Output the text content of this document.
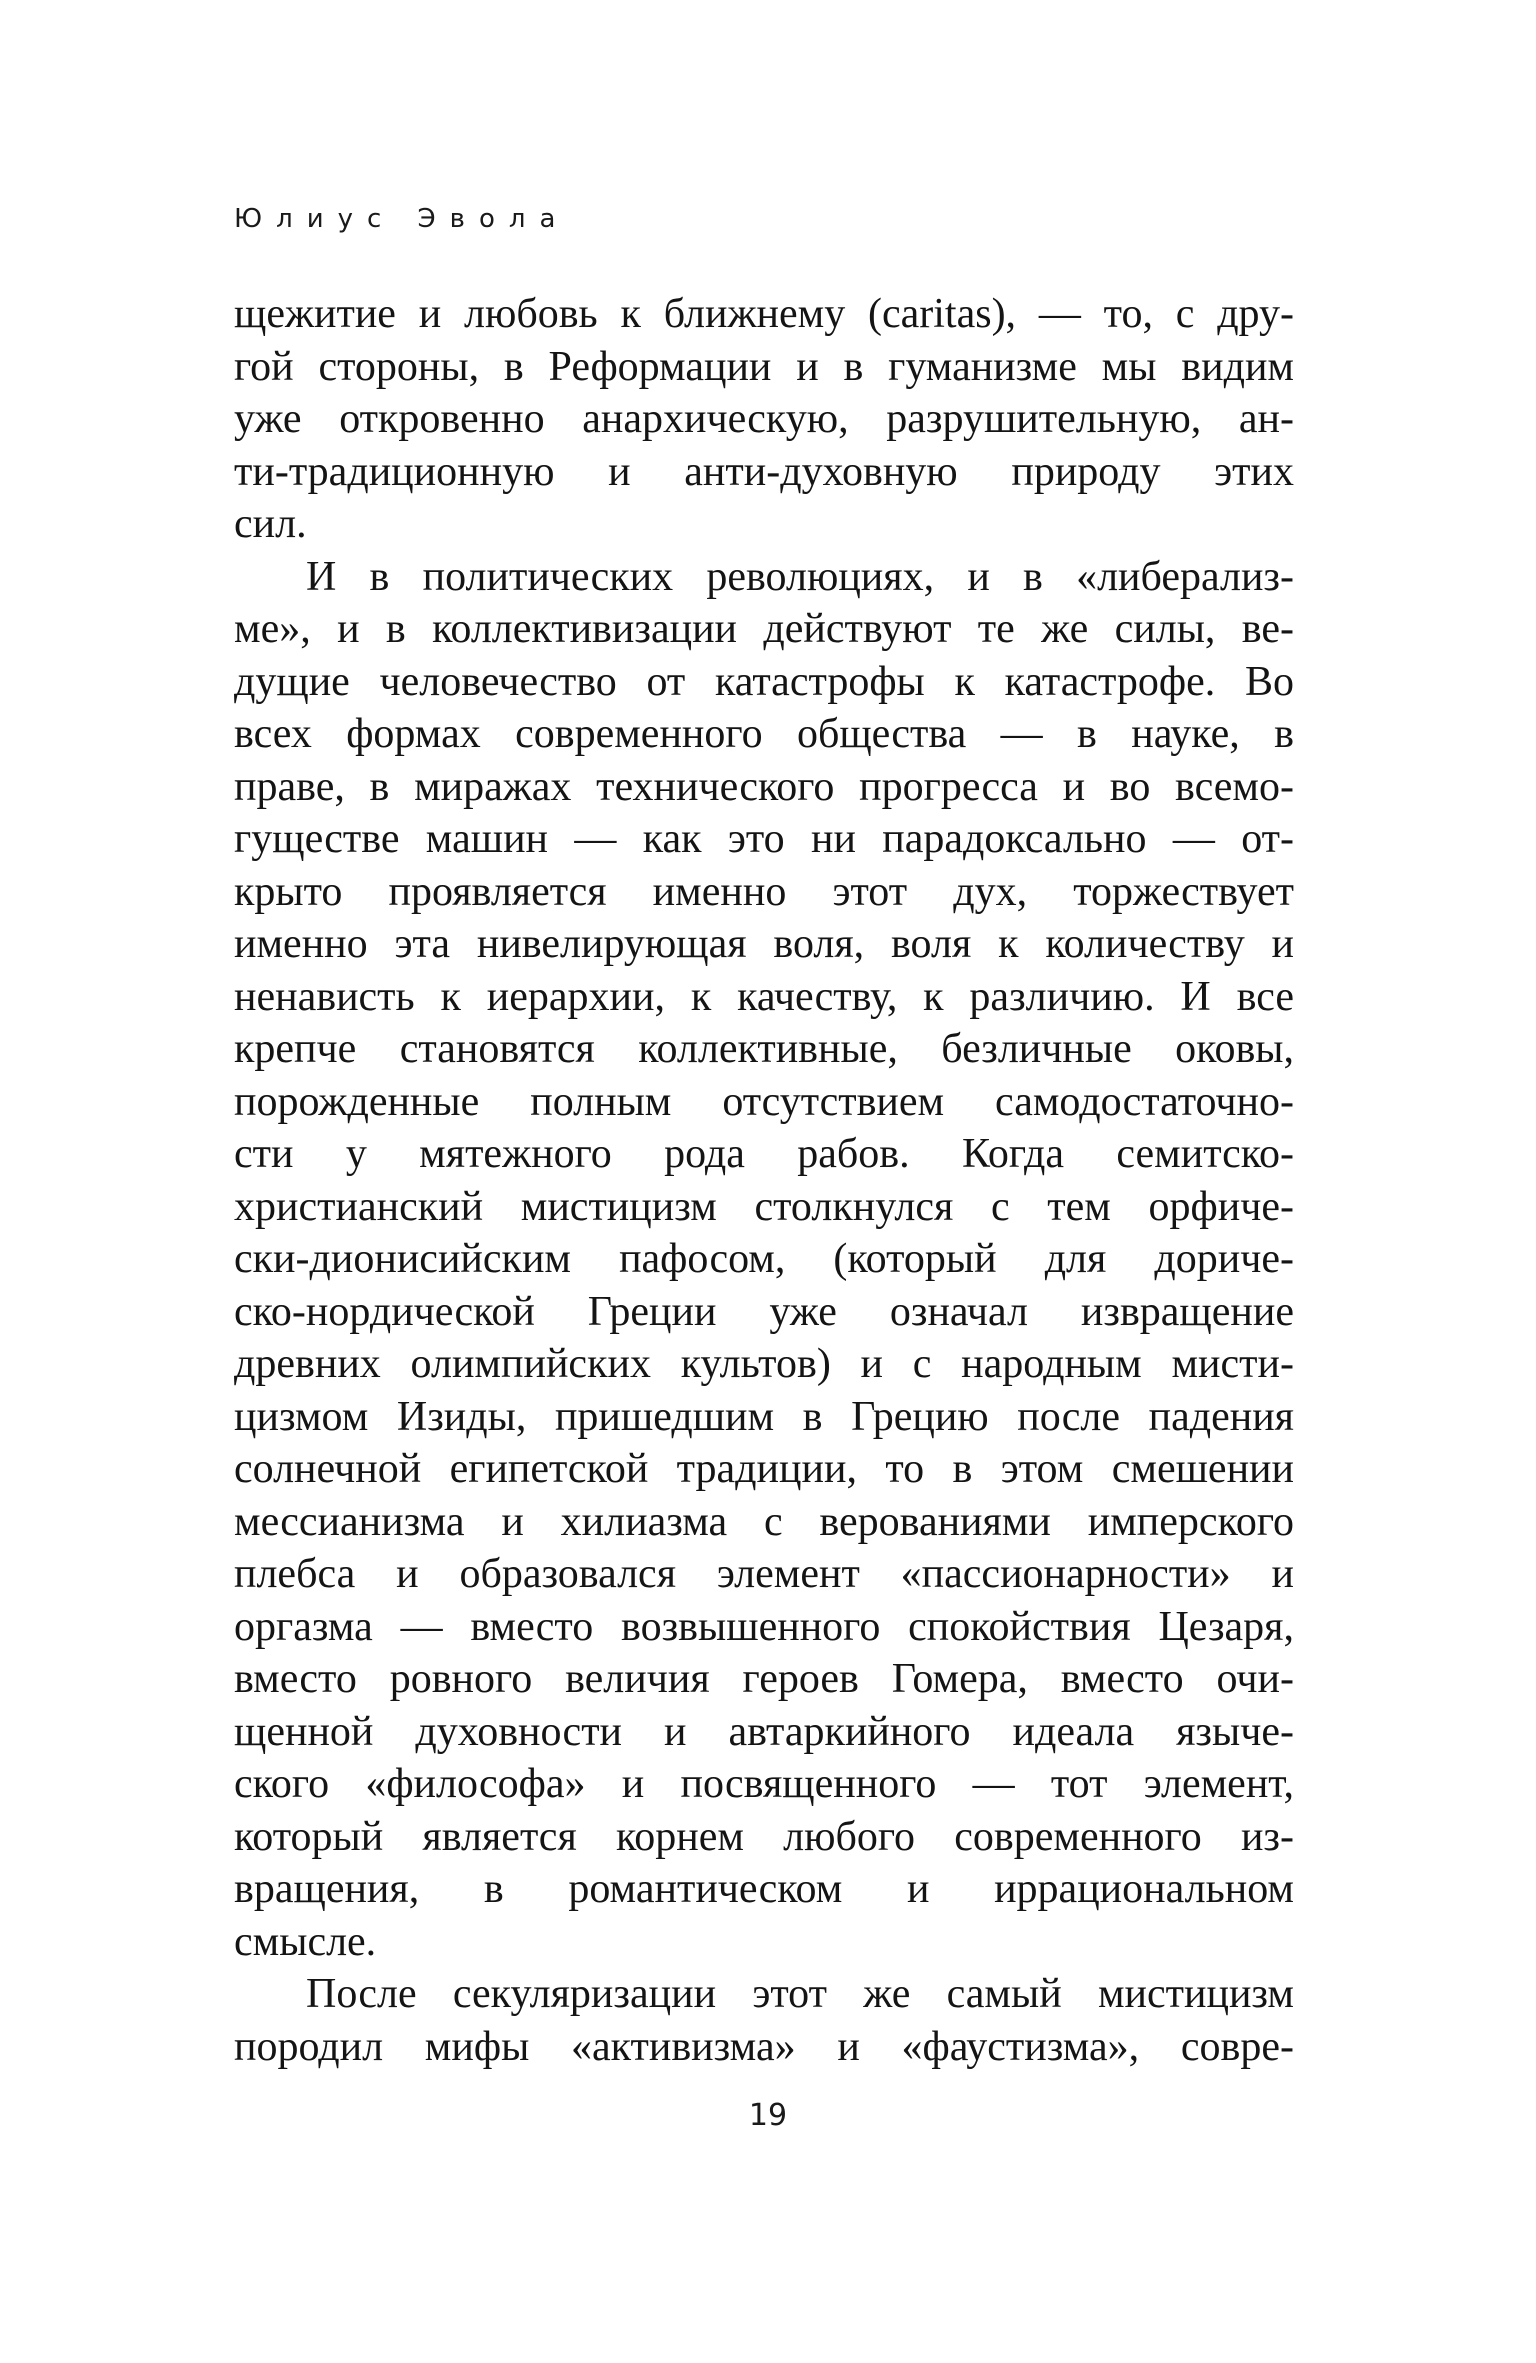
Юлиус Эвола
щежитие и любовь к ближнему (caritas), — то, с дру-
гой стороны, в Реформации и в гуманизме мы видим
уже откровенно анархическую, разрушительную, ан-
ти-традиционную и анти-духовную природу этих
сил.
И в политических революциях, и в «либерализ-
ме», и в коллективизации действуют те же силы, ве-
дущие человечество от катастрофы к катастрофе. Во
всех формах современного общества — в науке, в
праве, в миражах технического прогресса и во всемо-
гуществе машин — как это ни парадоксально — от-
крыто проявляется именно этот дух, торжествует
именно эта нивелирующая воля, воля к количеству и
ненависть к иерархии, к качеству, к различию. И все
крепче становятся коллективные, безличные оковы,
порожденные полным отсутствием самодостаточно-
сти у мятежного рода рабов. Когда семитско-
христианский мистицизм столкнулся с тем орфиче-
ски-дионисийским пафосом, (который для дориче-
ско-нордической Греции уже означал извращение
древних олимпийских культов) и с народным мисти-
цизмом Изиды, пришедшим в Грецию после падения
солнечной египетской традиции, то в этом смешении
мессианизма и хилиазма с верованиями имперского
плебса и образовался элемент «пассионарности» и
оргазма — вместо возвышенного спокойствия Цезаря,
вместо ровного величия героев Гомера, вместо очи-
щенной духовности и автаркийного идеала языче-
ского «философа» и посвященного — тот элемент,
который является корнем любого современного из-
вращения, в романтическом и иррациональном
смысле.
После секуляризации этот же самый мистицизм
породил мифы «активизма» и «фаустизма», совре-
19
